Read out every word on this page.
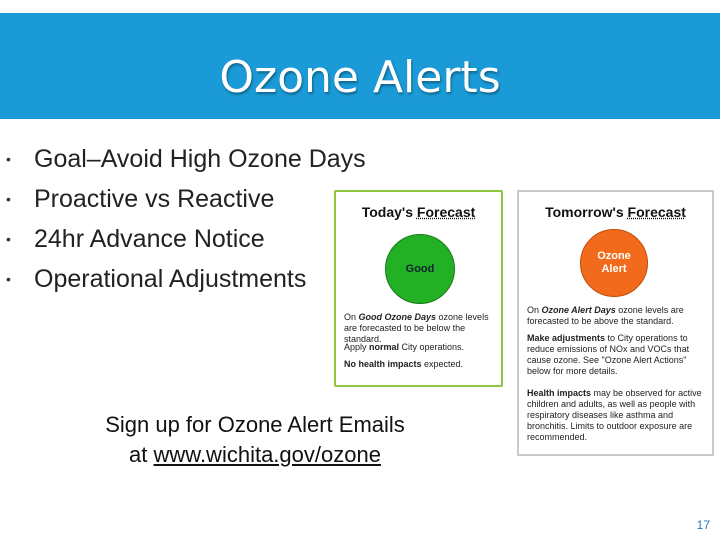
Ozone Alerts
• Goal–Avoid High Ozone Days
• Proactive vs Reactive
• 24hr Advance Notice
• Operational Adjustments
Today's Forecast
Good
On Good Ozone Days ozone levels are forecasted to be below the standard.
Apply normal City operations.
No health impacts expected.
Tomorrow's Forecast
Ozone
Alert
On Ozone Alert Days ozone levels are forecasted to be above the standard.
Make adjustments to City operations to reduce emissions of NOx and VOCs that cause ozone. See "Ozone Alert Actions" below for more details.
Health impacts may be observed for active children and adults, as well as people with respiratory diseases like asthma and bronchitis. Limits to outdoor exposure are recommended.
Sign up for Ozone Alert Emails
at www.wichita.gov/ozone
17
